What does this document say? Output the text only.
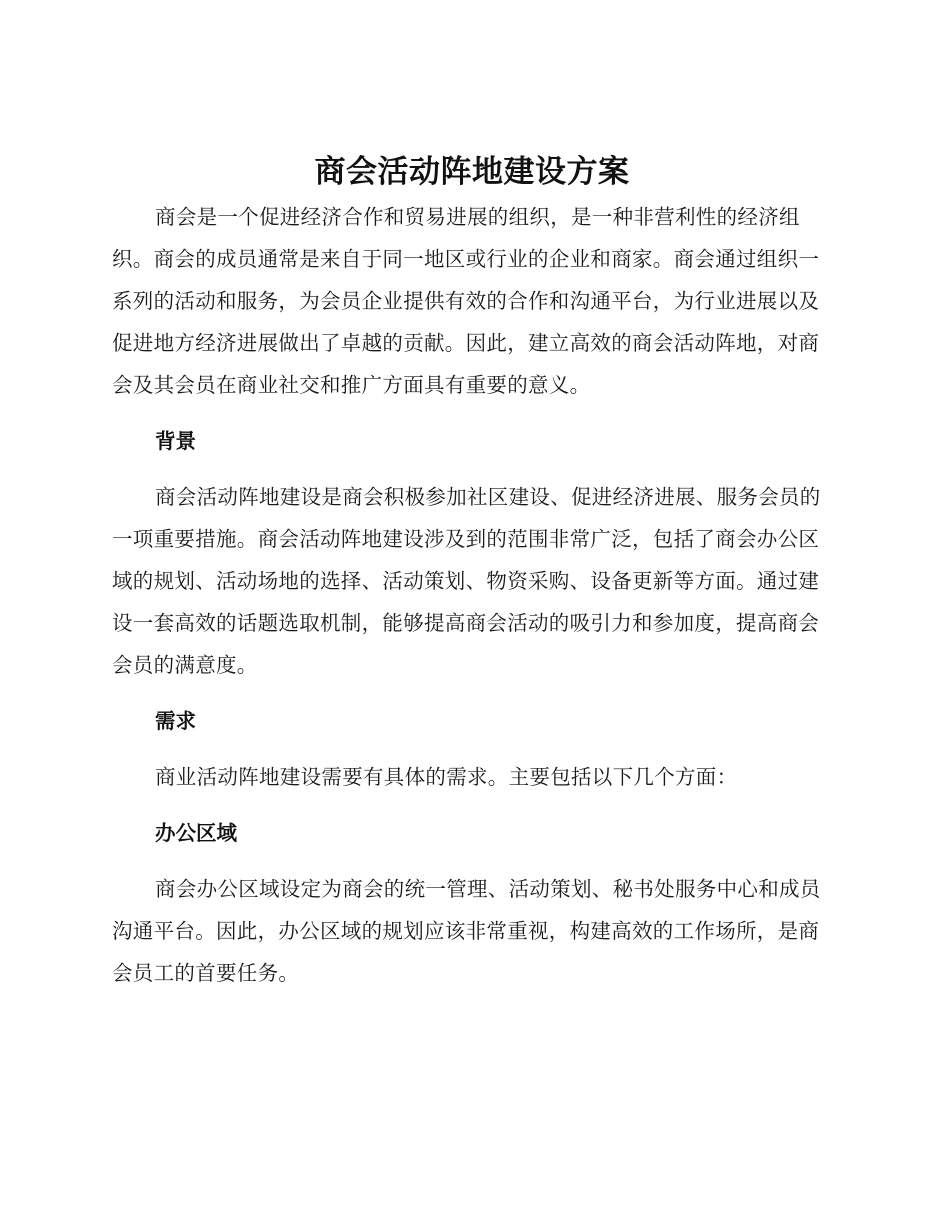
商会活动阵地建设方案

商会是一个促进经济合作和贸易进展的组织，是一种非营利性的经济组织。商会的成员通常是来自于同一地区或行业的企业和商家。商会通过组织一系列的活动和服务，为会员企业提供有效的合作和沟通平台，为行业进展以及促进地方经济进展做出了卓越的贡献。因此，建立高效的商会活动阵地，对商会及其会员在商业社交和推广方面具有重要的意义。

背景

商会活动阵地建设是商会积极参加社区建设、促进经济进展、服务会员的一项重要措施。商会活动阵地建设涉及到的范围非常广泛，包括了商会办公区域的规划、活动场地的选择、活动策划、物资采购、设备更新等方面。通过建设一套高效的话题选取机制，能够提高商会活动的吸引力和参加度，提高商会会员的满意度。

需求

商业活动阵地建设需要有具体的需求。主要包括以下几个方面：

办公区域

商会办公区域设定为商会的统一管理、活动策划、秘书处服务中心和成员沟通平台。因此，办公区域的规划应该非常重视，构建高效的工作场所，是商会员工的首要任务。
